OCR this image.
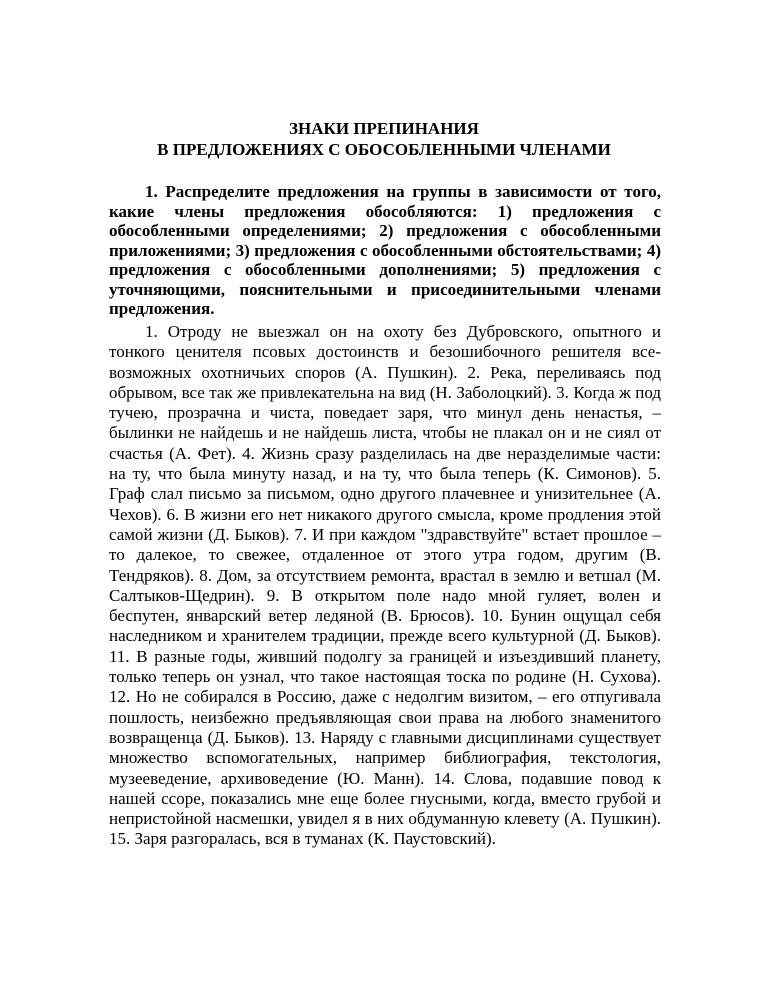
ЗНАКИ ПРЕПИНАНИЯ
В ПРЕДЛОЖЕНИЯХ С ОБОСОБЛЕННЫМИ ЧЛЕНАМИ

1. Распределите предложения на группы в зависимости от того, какие члены предложения обособляются: 1) предложения с обособленными определениями; 2) предложения с обособленными приложениями; 3) предложения с обособленными обстоятельствами; 4) предложения с обособленными дополнениями; 5) предложения с уточняющими, пояснительными и присоединительными членами предложения.

1. Отроду не выезжал он на охоту без Дубровского, опытного и тонкого ценителя псовых достоинств и безошибочного решителя всевозможных охотничьих споров (А. Пушкин). 2. Река, переливаясь под обрывом, все так же привлекательна на вид (Н. Заболоцкий). 3. Когда ж под тучею, прозрачна и чиста, поведает заря, что минул день ненастья, – былинки не найдешь и не найдешь листа, чтобы не плакал он и не сиял от счастья (А. Фет). 4. Жизнь сразу разделилась на две неразделимые части: на ту, что была минуту назад, и на ту, что была теперь (К. Симонов). 5. Граф слал письмо за письмом, одно другого плачевнее и унизительнее (А. Чехов). 6. В жизни его нет никакого другого смысла, кроме продления этой самой жизни (Д. Быков). 7. И при каждом "здравствуйте" встает прошлое – то далекое, то свежее, отдаленное от этого утра годом, другим (В. Тендряков). 8. Дом, за отсутствием ремонта, врастал в землю и ветшал (М. Салтыков-Щедрин). 9. В открытом поле надо мной гуляет, волен и беспутен, январский ветер ледяной (В. Брюсов). 10. Бунин ощущал себя наследником и хранителем традиции, прежде всего культурной (Д. Быков). 11. В разные годы, живший подолгу за границей и изъездивший планету, только теперь он узнал, что такое настоящая тоска по родине (Н. Сухова). 12. Но не собирался в Россию, даже с недолгим визитом, – его отпугивала пошлость, неизбежно предъявляющая свои права на любого знаменитого возвращенца (Д. Быков). 13. Наряду с главными дисциплинами существует множество вспомогательных, например библиография, текстология, музееведение, архивоведение (Ю. Манн). 14. Слова, подавшие повод к нашей ссоре, показались мне еще более гнусными, когда, вместо грубой и непристойной насмешки, увидел я в них обдуманную клевету (А. Пушкин). 15. Заря разгоралась, вся в туманах (К. Паустовский).
